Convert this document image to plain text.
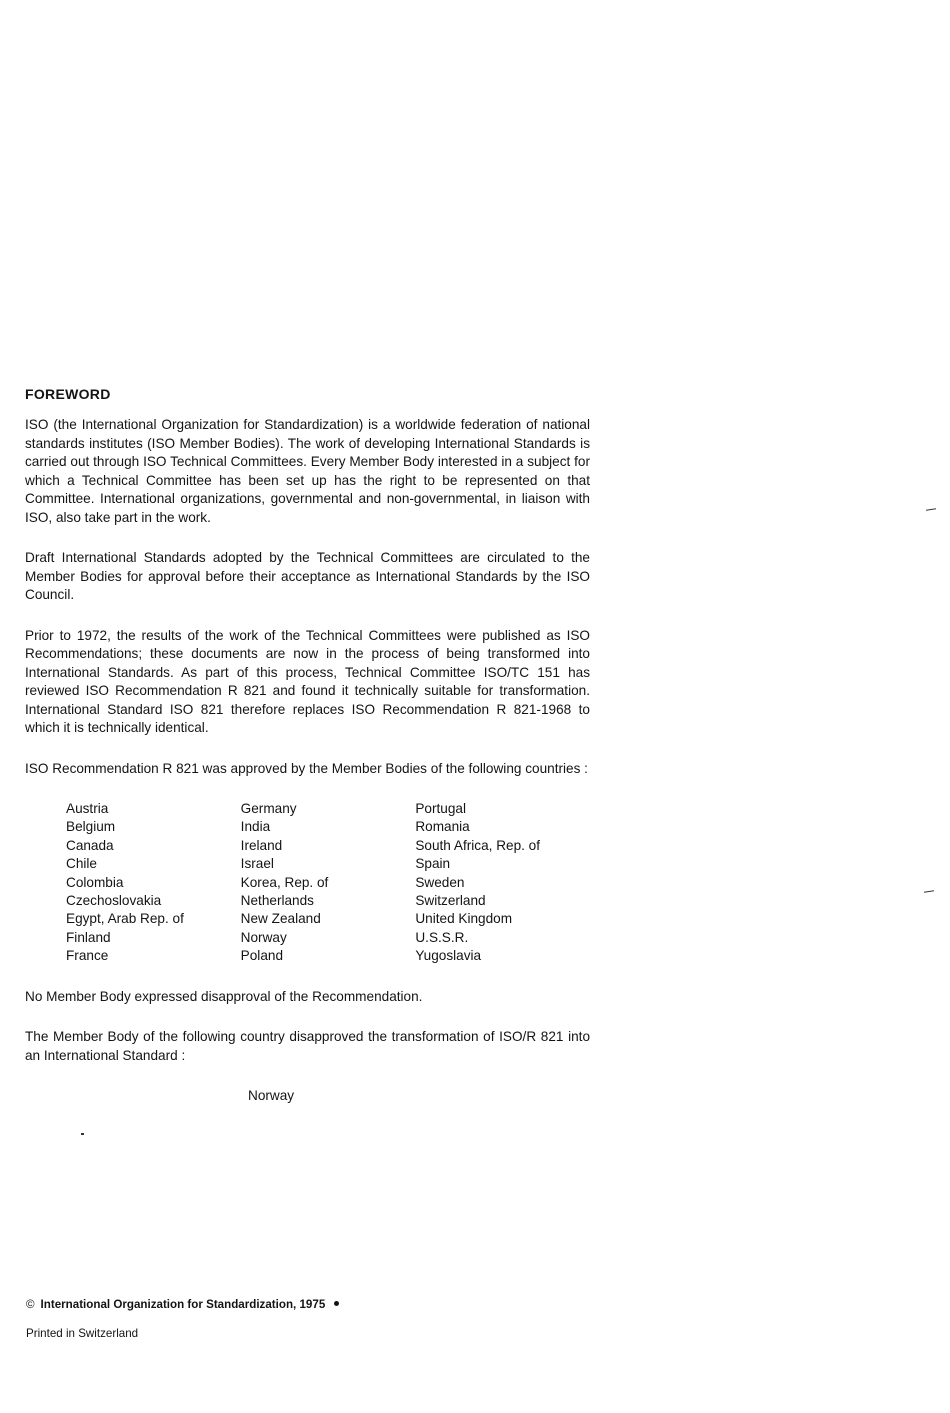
FOREWORD

ISO (the International Organization for Standardization) is a worldwide federation of national standards institutes (ISO Member Bodies). The work of developing International Standards is carried out through ISO Technical Committees. Every Member Body interested in a subject for which a Technical Committee has been set up has the right to be represented on that Committee. International organizations, governmental and non-governmental, in liaison with ISO, also take part in the work.

Draft International Standards adopted by the Technical Committees are circulated to the Member Bodies for approval before their acceptance as International Standards by the ISO Council.

Prior to 1972, the results of the work of the Technical Committees were published as ISO Recommendations; these documents are now in the process of being transformed into International Standards. As part of this process, Technical Committee ISO/TC 151 has reviewed ISO Recommendation R 821 and found it technically suitable for transformation. International Standard ISO 821 therefore replaces ISO Recommendation R 821-1968 to which it is technically identical.

ISO Recommendation R 821 was approved by the Member Bodies of the following countries :

Austria
Belgium
Canada
Chile
Colombia
Czechoslovakia
Egypt, Arab Rep. of
Finland
France
Germany
India
Ireland
Israel
Korea, Rep. of
Netherlands
New Zealand
Norway
Poland
Portugal
Romania
South Africa, Rep. of
Spain
Sweden
Switzerland
United Kingdom
U.S.S.R.
Yugoslavia

No Member Body expressed disapproval of the Recommendation.

The Member Body of the following country disapproved the transformation of ISO/R 821 into an International Standard :

Norway
© International Organization for Standardization, 1975
Printed in Switzerland
